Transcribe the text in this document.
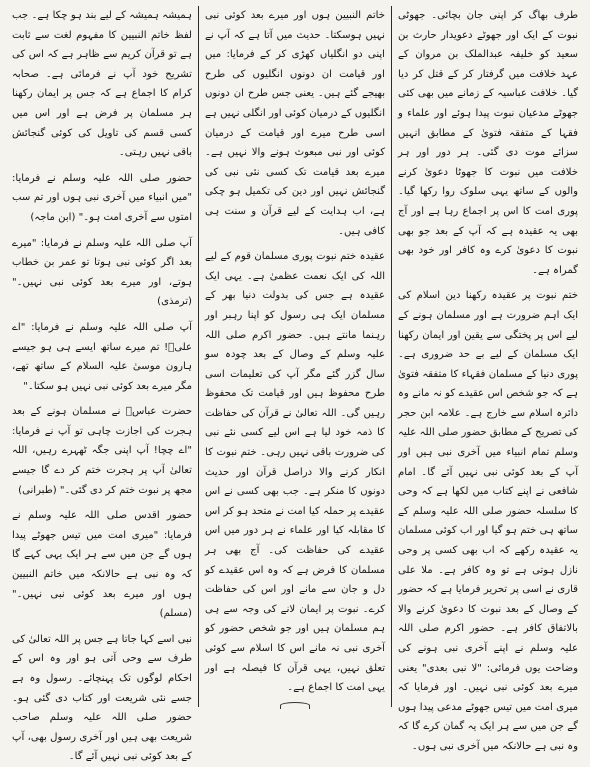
طرف بھاگ کر اپنی جان بچائی۔ جھوٹی نبوت کے ایک اور جھوٹے دعویدار حارث بن سعید کو خلیفہ عبدالملک بن مروان کے عہد خلافت میں گرفتار کر کے قتل کر دیا گیا۔ خلافت عباسیہ کے زمانے میں بھی کئی جھوٹے مدعیان نبوت پیدا ہوئے اور علماء و فقہا کے متفقہ فتویٰ کے مطابق انہیں سزائے موت دی گئی۔ ہر دور اور ہر خلافت میں نبوت کا جھوٹا دعویٰ کرنے والوں کے ساتھ یہی سلوک روا رکھا گیا۔ پوری امت کا اس پر اجماع رہا ہے اور آج بھی یہ عقیدہ ہے کہ آپ کے بعد جو بھی نبوت کا دعویٰ کرے وہ کافر اور خود بھی گمراہ ہے۔

ختم نبوت پر عقیدہ رکھنا دین اسلام کی ایک اہم ضرورت ہے اور مسلمان ہونے کے لیے اس پر پختگی سے یقین اور ایمان رکھنا ایک مسلمان کے لیے بے حد ضروری ہے۔ پوری دنیا کے مسلمان فقہاء کا متفقہ فتویٰ ہے کہ جو شخص اس عقیدے کو نہ مانے وہ دائرہ اسلام سے خارج ہے۔ علامہ ابن حجر کی تصریح کے مطابق حضور صلی اللہ علیہ وسلم تمام انبیاء میں آخری نبی ہیں اور آپ کے بعد کوئی نبی نہیں آئے گا۔ امام شافعی نے اپنے کتاب میں لکھا ہے کہ وحی کا سلسلہ حضور صلی اللہ علیہ وسلم کے ساتھ ہی ختم ہو گیا اور اب کوئی مسلمان یہ عقیدہ رکھے کہ اب بھی کسی پر وحی نازل ہوتی ہے تو وہ کافر ہے۔ ملا علی قاری نے اسی پر تحریر فرمایا ہے کہ حضور کے وصال کے بعد نبوت کا دعویٰ کرنے والا بالاتفاق کافر ہے۔ حضور اکرم صلی اللہ علیہ وسلم نے اپنے آخری نبی ہونے کی وضاحت یوں فرمائی: "لا نبی بعدی" یعنی میرے بعد کوئی نبی نہیں۔ اور فرمایا کہ میری امت میں تیس جھوٹے مدعی پیدا ہوں گے جن میں سے ہر ایک یہ گمان کرے گا کہ وہ نبی ہے حالانکہ میں آخری نبی ہوں۔

خاتم النبیین ہوں اور میرے بعد کوئی نبی نہیں ہوسکتا۔ حدیث میں آتا ہے کہ آپ نے اپنی دو انگلیاں کھڑی کر کے فرمایا: میں اور قیامت ان دونوں انگلیوں کی طرح بھیجے گئے ہیں۔ یعنی جس طرح ان دونوں انگلیوں کے درمیان کوئی اور انگلی نہیں ہے اسی طرح میرے اور قیامت کے درمیان کوئی اور نبی مبعوث ہونے والا نہیں ہے۔ میرے بعد قیامت تک کسی نئی نبی کی گنجائش نہیں اور دین کی تکمیل ہو چکی ہے، اب ہدایت کے لیے قرآن و سنت ہی کافی ہیں۔

عقیدہ ختم نبوت پوری مسلمان قوم کے لیے اللہ کی ایک نعمت عظمیٰ ہے۔ یہی ایک عقیدہ ہے جس کی بدولت دنیا بھر کے مسلمان ایک ہی رسول کو اپنا رہبر اور رہنما مانتے ہیں۔ حضور اکرم صلی اللہ علیہ وسلم کے وصال کے بعد چودہ سو سال گزر گئے مگر آپ کی تعلیمات اسی طرح محفوظ ہیں اور قیامت تک محفوظ رہیں گی۔ اللہ تعالیٰ نے قرآن کی حفاظت کا ذمہ خود لیا ہے اس لیے کسی نئے نبی کی ضرورت باقی نہیں رہی۔ ختم نبوت کا انکار کرنے والا دراصل قرآن اور حدیث دونوں کا منکر ہے۔ جب بھی کسی نے اس عقیدے پر حملہ کیا امت نے متحد ہو کر اس کا مقابلہ کیا اور علماء نے ہر دور میں اس عقیدے کی حفاظت کی۔ آج بھی ہر مسلمان کا فرض ہے کہ وہ اس عقیدے کو دل و جان سے مانے اور اس کی حفاظت کرے۔ نبوت پر ایمان لانے کی وجہ سے ہی ہم مسلمان ہیں اور جو شخص حضور کو آخری نبی نہ مانے اس کا اسلام سے کوئی تعلق نہیں، یہی قرآن کا فیصلہ ہے اور یہی امت کا اجماع ہے۔

ہمیشہ ہمیشہ کے لیے بند ہو چکا ہے۔ جب لفظ خاتم النبیین کا مفہوم لغت سے ثابت ہے تو قرآن کریم سے ظاہر ہے کہ اس کی تشریح خود آپ نے فرمائی ہے۔ صحابہ کرام کا اجماع ہے کہ جس پر ایمان رکھنا ہر مسلمان پر فرض ہے اور اس میں کسی قسم کی تاویل کی کوئی گنجائش باقی نہیں رہتی۔

حضور صلی اللہ علیہ وسلم نے فرمایا: "میں انبیاء میں آخری نبی ہوں اور تم سب امتوں سے آخری امت ہو۔" (ابن ماجہ)

آپ صلی اللہ علیہ وسلم نے فرمایا: "میرے بعد اگر کوئی نبی ہوتا تو عمر بن خطاب ہوتے، اور میرے بعد کوئی نبی نہیں۔" (ترمذی)

آپ صلی اللہ علیہ وسلم نے فرمایا: "اے علیؓ! تم میرے ساتھ ایسے ہی ہو جیسے ہارون موسیٰ علیہ السلام کے ساتھ تھے، مگر میرے بعد کوئی نبی نہیں ہو سکتا۔"

حضرت عباسؓ نے مسلمان ہونے کے بعد ہجرت کی اجازت چاہی تو آپ نے فرمایا: "اے چچا! آپ اپنی جگہ ٹھہرے رہیں، اللہ تعالیٰ آپ پر ہجرت ختم کر دے گا جیسے مجھ پر نبوت ختم کر دی گئی۔" (طبرانی)

حضور اقدس صلی اللہ علیہ وسلم نے فرمایا: "میری امت میں تیس جھوٹے پیدا ہوں گے جن میں سے ہر ایک یہی کہے گا کہ وہ نبی ہے حالانکہ میں خاتم النبیین ہوں اور میرے بعد کوئی نبی نہیں۔" (مسلم)

نبی اسے کہا جاتا ہے جس پر اللہ تعالیٰ کی طرف سے وحی آتی ہو اور وہ اس کے احکام لوگوں تک پہنچائے۔ رسول وہ ہے جسے نئی شریعت اور کتاب دی گئی ہو۔ حضور صلی اللہ علیہ وسلم صاحب شریعت بھی ہیں اور آخری رسول بھی، آپ کے بعد کوئی نبی نہیں آئے گا۔
